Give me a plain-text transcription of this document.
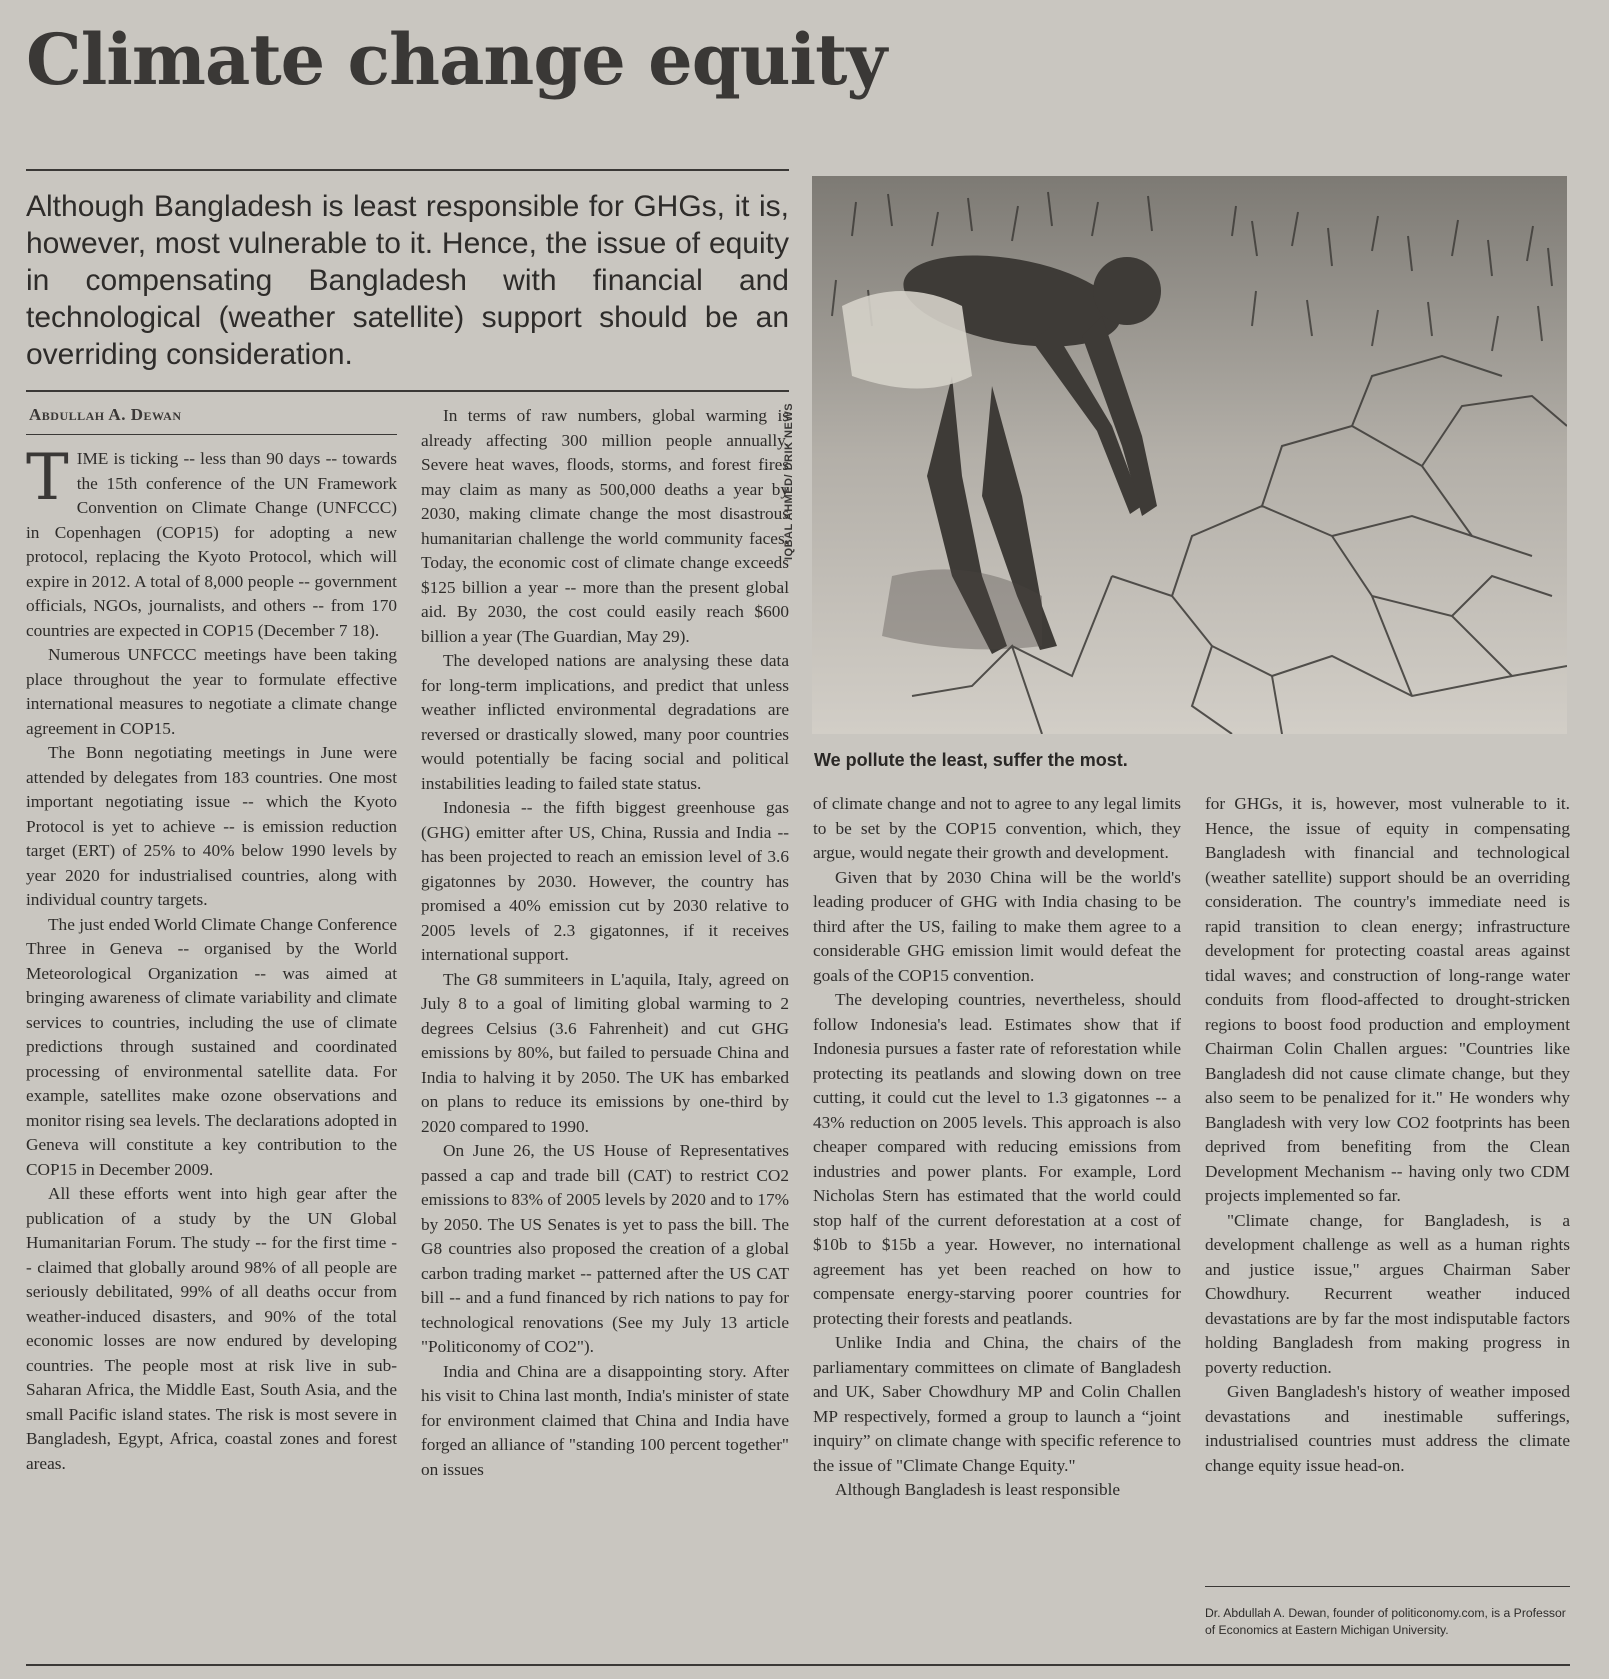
Climate change equity

Although Bangladesh is least responsible for GHGs, it is, however, most vulnerable to it. Hence, the issue of equity in compensating Bangladesh with financial and technological (weather satellite) support should be an overriding consideration.

Abdullah A. Dewan

TIME is ticking -- less than 90 days -- towards the 15th conference of the UN Framework Convention on Climate Change (UNFCCC) in Copenhagen (COP15) for adopting a new protocol, replacing the Kyoto Protocol, which will expire in 2012. A total of 8,000 people -- government officials, NGOs, journalists, and others -- from 170 countries are expected in COP15 (December 7 18).

Numerous UNFCCC meetings have been taking place throughout the year to formulate effective international measures to negotiate a climate change agreement in COP15.

The Bonn negotiating meetings in June were attended by delegates from 183 countries. One most important negotiating issue -- which the Kyoto Protocol is yet to achieve -- is emission reduction target (ERT) of 25% to 40% below 1990 levels by year 2020 for industrialised countries, along with individual country targets.

The just ended World Climate Change Conference Three in Geneva -- organised by the World Meteorological Organization -- was aimed at bringing awareness of climate variability and climate services to countries, including the use of climate predictions through sustained and coordinated processing of environmental satellite data. For example, satellites make ozone observations and monitor rising sea levels. The declarations adopted in Geneva will constitute a key contribution to the COP15 in December 2009.

All these efforts went into high gear after the publication of a study by the UN Global Humanitarian Forum. The study -- for the first time -- claimed that globally around 98% of all people are seriously debilitated, 99% of all deaths occur from weather-induced disasters, and 90% of the total economic losses are now endured by developing countries. The people most at risk live in sub-Saharan Africa, the Middle East, South Asia, and the small Pacific island states. The risk is most severe in Bangladesh, Egypt, Africa, coastal zones and forest areas.

In terms of raw numbers, global warming is already affecting 300 million people annually. Severe heat waves, floods, storms, and forest fires may claim as many as 500,000 deaths a year by 2030, making climate change the most disastrous humanitarian challenge the world community faces. Today, the economic cost of climate change exceeds $125 billion a year -- more than the present global aid. By 2030, the cost could easily reach $600 billion a year (The Guardian, May 29).

The developed nations are analysing these data for long-term implications, and predict that unless weather inflicted environmental degradations are reversed or drastically slowed, many poor countries would potentially be facing social and political instabilities leading to failed state status.

Indonesia -- the fifth biggest greenhouse gas (GHG) emitter after US, China, Russia and India -- has been projected to reach an emission level of 3.6 gigatonnes by 2030. However, the country has promised a 40% emission cut by 2030 relative to 2005 levels of 2.3 gigatonnes, if it receives international support.

The G8 summiteers in L'aquila, Italy, agreed on July 8 to a goal of limiting global warming to 2 degrees Celsius (3.6 Fahrenheit) and cut GHG emissions by 80%, but failed to persuade China and India to halving it by 2050. The UK has embarked on plans to reduce its emissions by one-third by 2020 compared to 1990.

On June 26, the US House of Representatives passed a cap and trade bill (CAT) to restrict CO2 emissions to 83% of 2005 levels by 2020 and to 17% by 2050. The US Senates is yet to pass the bill. The G8 countries also proposed the creation of a global carbon trading market -- patterned after the US CAT bill -- and a fund financed by rich nations to pay for technological renovations (See my July 13 article "Politiconomy of CO2").

India and China are a disappointing story. After his visit to China last month, India's minister of state for environment claimed that China and India have forged an alliance of "standing 100 percent together" on issues

IQBAL AHMED/ DRIK NEWS
We pollute the least, suffer the most.

of climate change and not to agree to any legal limits to be set by the COP15 convention, which, they argue, would negate their growth and development.

Given that by 2030 China will be the world's leading producer of GHG with India chasing to be third after the US, failing to make them agree to a considerable GHG emission limit would defeat the goals of the COP15 convention.

The developing countries, nevertheless, should follow Indonesia's lead. Estimates show that if Indonesia pursues a faster rate of reforestation while protecting its peatlands and slowing down on tree cutting, it could cut the level to 1.3 gigatonnes -- a 43% reduction on 2005 levels. This approach is also cheaper compared with reducing emissions from industries and power plants. For example, Lord Nicholas Stern has estimated that the world could stop half of the current deforestation at a cost of $10b to $15b a year. However, no international agreement has yet been reached on how to compensate energy-starving poorer countries for protecting their forests and peatlands.

Unlike India and China, the chairs of the parliamentary committees on climate of Bangladesh and UK, Saber Chowdhury MP and Colin Challen MP respectively, formed a group to launch a “joint inquiry” on climate change with specific reference to the issue of "Climate Change Equity."

Although Bangladesh is least responsible

for GHGs, it is, however, most vulnerable to it. Hence, the issue of equity in compensating Bangladesh with financial and technological (weather satellite) support should be an overriding consideration. The country's immediate need is rapid transition to clean energy; infrastructure development for protecting coastal areas against tidal waves; and construction of long-range water conduits from flood-affected to drought-stricken regions to boost food production and employment Chairman Colin Challen argues: "Countries like Bangladesh did not cause climate change, but they also seem to be penalized for it." He wonders why Bangladesh with very low CO2 footprints has been deprived from benefiting from the Clean Development Mechanism -- having only two CDM projects implemented so far.

"Climate change, for Bangladesh, is a development challenge as well as a human rights and justice issue," argues Chairman Saber Chowdhury. Recurrent weather induced devastations are by far the most indisputable factors holding Bangladesh from making progress in poverty reduction.

Given Bangladesh's history of weather imposed devastations and inestimable sufferings, industrialised countries must address the climate change equity issue head-on.

Dr. Abdullah A. Dewan, founder of politiconomy.com, is a Professor of Economics at Eastern Michigan University.
